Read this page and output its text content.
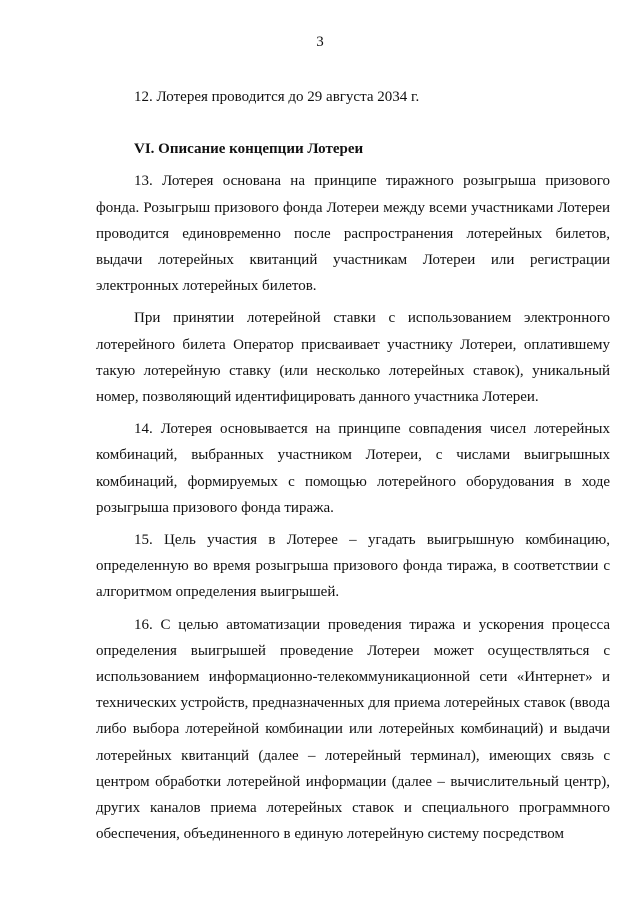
3

12. Лотерея проводится до 29 августа 2034 г.

VI. Описание концепции Лотереи

13. Лотерея основана на принципе тиражного розыгрыша призового фонда. Розыгрыш призового фонда Лотереи между всеми участниками Лотереи проводится единовременно после распространения лотерейных билетов, выдачи лотерейных квитанций участникам Лотереи или регистрации электронных лотерейных билетов.

При принятии лотерейной ставки с использованием электронного лотерейного билета Оператор присваивает участнику Лотереи, оплатившему такую лотерейную ставку (или несколько лотерейных ставок), уникальный номер, позволяющий идентифицировать данного участника Лотереи.

14. Лотерея основывается на принципе совпадения чисел лотерейных комбинаций, выбранных участником Лотереи, с числами выигрышных комбинаций, формируемых с помощью лотерейного оборудования в ходе розыгрыша призового фонда тиража.

15. Цель участия в Лотерее – угадать выигрышную комбинацию, определенную во время розыгрыша призового фонда тиража, в соответствии с алгоритмом определения выигрышей.

16. С целью автоматизации проведения тиража и ускорения процесса определения выигрышей проведение Лотереи может осуществляться с использованием информационно-телекоммуникационной сети «Интернет» и технических устройств, предназначенных для приема лотерейных ставок (ввода либо выбора лотерейной комбинации или лотерейных комбинаций) и выдачи лотерейных квитанций (далее – лотерейный терминал), имеющих связь с центром обработки лотерейной информации (далее – вычислительный центр), других каналов приема лотерейных ставок и специального программного обеспечения, объединенного в единую лотерейную систему посредством
